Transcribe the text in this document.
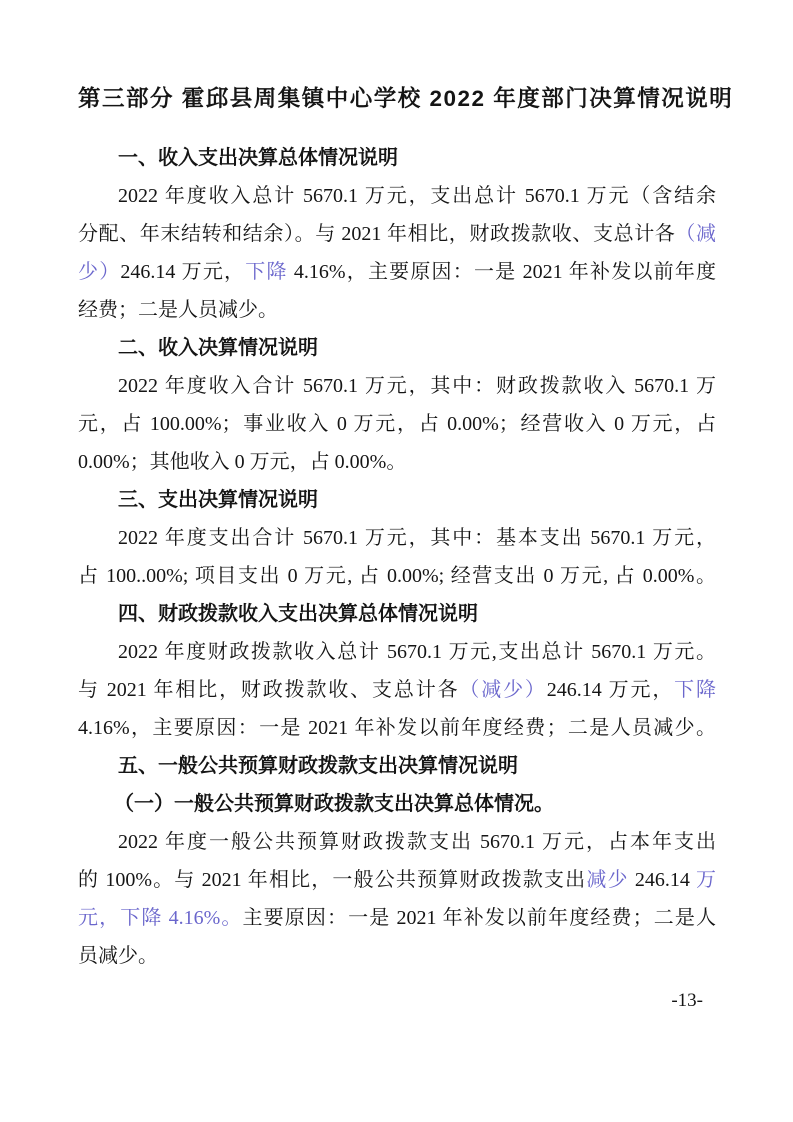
第三部分 霍邱县周集镇中心学校 2022 年度部门决算情况说明
一、收入支出决算总体情况说明
2022 年度收入总计 5670.1 万元，支出总计 5670.1 万元（含结余
分配、年末结转和结余）。与 2021 年相比，财政拨款收、支总计各（减
少）246.14 万元，下降 4.16%，主要原因：一是 2021 年补发以前年度
经费；二是人员减少。
二、收入决算情况说明
2022 年度收入合计 5670.1 万元，其中：财政拨款收入 5670.1 万
元，占 100.00%；事业收入 0 万元，占 0.00%；经营收入 0 万元，占
0.00%；其他收入 0 万元，占 0.00%。
三、支出决算情况说明
2022 年度支出合计 5670.1 万元，其中：基本支出 5670.1 万元，
占 100..00%; 项目支出 0 万元, 占 0.00%; 经营支出 0 万元, 占 0.00%。
四、财政拨款收入支出决算总体情况说明
2022 年度财政拨款收入总计 5670.1 万元,支出总计 5670.1 万元。
与 2021 年相比，财政拨款收、支总计各（减少）246.14 万元，下降
4.16%，主要原因：一是 2021 年补发以前年度经费；二是人员减少。
五、一般公共预算财政拨款支出决算情况说明
（一）一般公共预算财政拨款支出决算总体情况。
2022 年度一般公共预算财政拨款支出 5670.1 万元，占本年支出
的 100%。与 2021 年相比，一般公共预算财政拨款支出减少 246.14 万
元，下降 4.16%。主要原因：一是 2021 年补发以前年度经费；二是人
员减少。
-13-
